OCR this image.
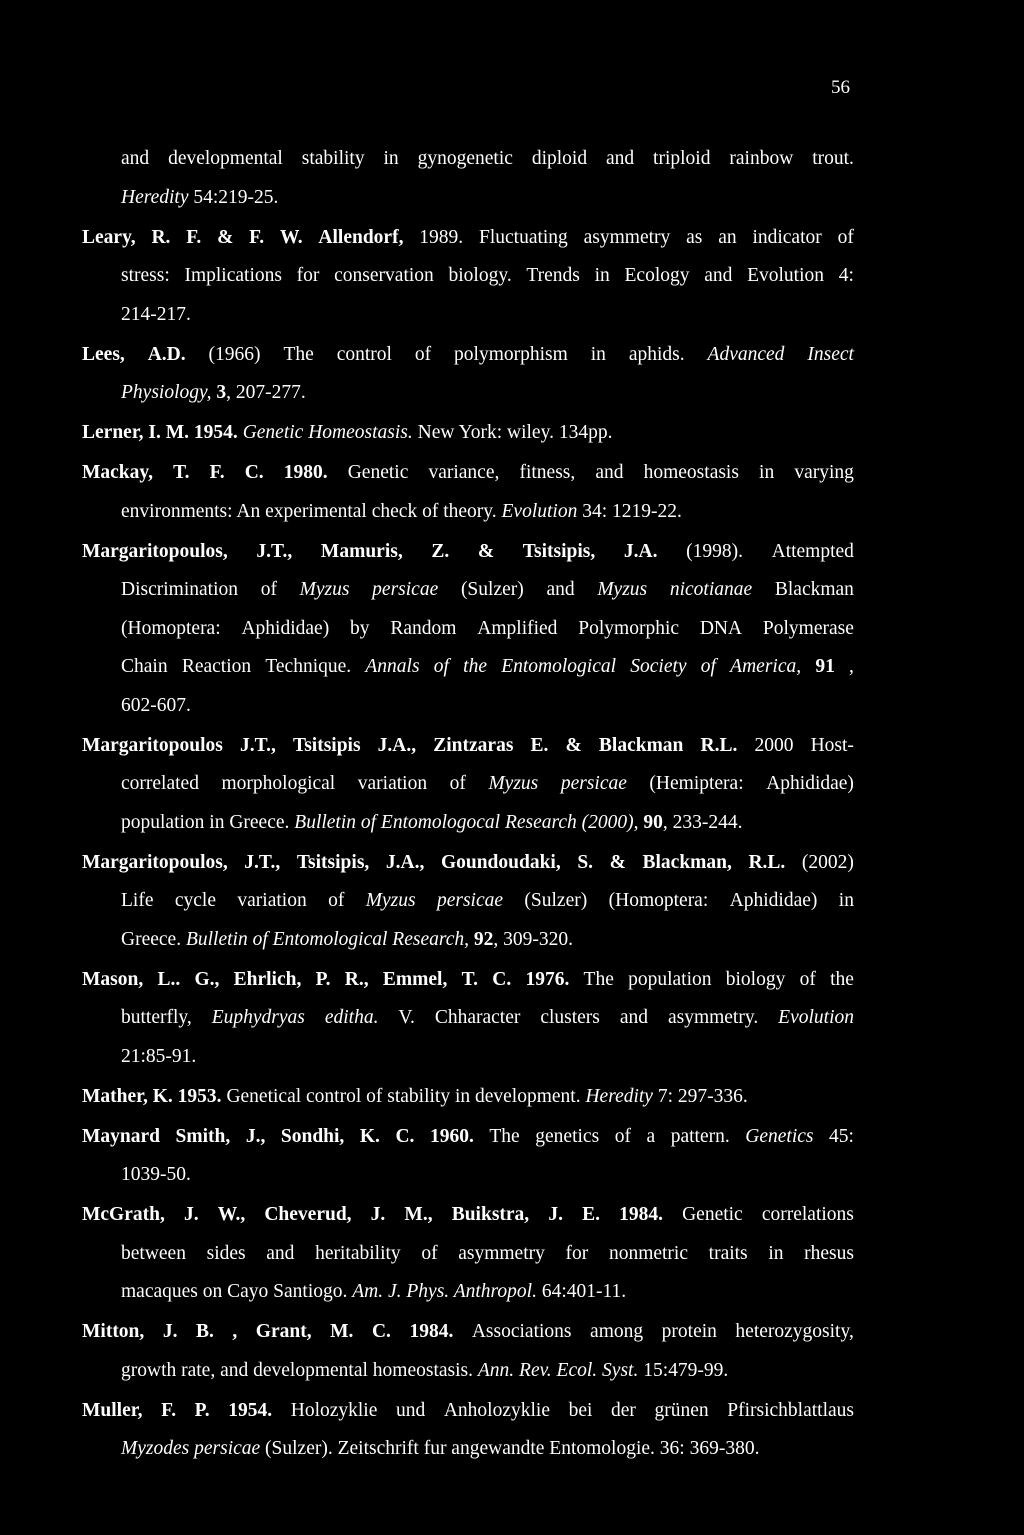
56
and developmental stability in gynogenetic diploid and triploid rainbow trout.
Heredity 54:219-25.
Leary, R. F. & F. W. Allendorf, 1989. Fluctuating asymmetry as an indicator of
stress: Implications for conservation biology. Trends in Ecology and Evolution 4:
214-217.
Lees, A.D. (1966) The control of polymorphism in aphids. Advanced Insect
Physiology, 3, 207-277.
Lerner, I. M. 1954. Genetic Homeostasis. New York: wiley. 134pp.
Mackay, T. F. C. 1980. Genetic variance, fitness, and homeostasis in varying
environments: An experimental check of theory. Evolution 34: 1219-22.
Margaritopoulos, J.T., Mamuris, Z. & Tsitsipis, J.A. (1998). Attempted
Discrimination of Myzus persicae (Sulzer) and Myzus nicotianae Blackman
(Homoptera: Aphididae) by Random Amplified Polymorphic DNA Polymerase
Chain Reaction Technique. Annals of the Entomological Society of America, 91 ,
602-607.
Margaritopoulos J.T., Tsitsipis J.A., Zintzaras E. & Blackman R.L. 2000 Host-
correlated morphological variation of Myzus persicae (Hemiptera: Aphididae)
population in Greece. Bulletin of Entomologocal Research (2000), 90, 233-244.
Margaritopoulos, J.T., Tsitsipis, J.A., Goundoudaki, S. & Blackman, R.L. (2002)
Life cycle variation of Myzus persicae (Sulzer) (Homoptera: Aphididae) in
Greece. Bulletin of Entomological Research, 92, 309-320.
Mason, L.. G., Ehrlich, P. R., Emmel, T. C. 1976. The population biology of the
butterfly, Euphydryas editha. V. Chharacter clusters and asymmetry. Evolution
21:85-91.
Mather, K. 1953. Genetical control of stability in development. Heredity 7: 297-336.
Maynard Smith, J., Sondhi, K. C. 1960. The genetics of a pattern. Genetics 45:
1039-50.
McGrath, J. W., Cheverud, J. M., Buikstra, J. E. 1984. Genetic correlations
between sides and heritability of asymmetry for nonmetric traits in rhesus
macaques on Cayo Santiogo. Am. J. Phys. Anthropol. 64:401-11.
Mitton, J. B. , Grant, M. C. 1984. Associations among protein heterozygosity,
growth rate, and developmental homeostasis. Ann. Rev. Ecol. Syst. 15:479-99.
Muller, F. P. 1954. Holozyklie und Anholozyklie bei der grünen Pfirsichblattlaus
Myzodes persicae (Sulzer). Zeitschrift fur angewandte Entomologie. 36: 369-380.
